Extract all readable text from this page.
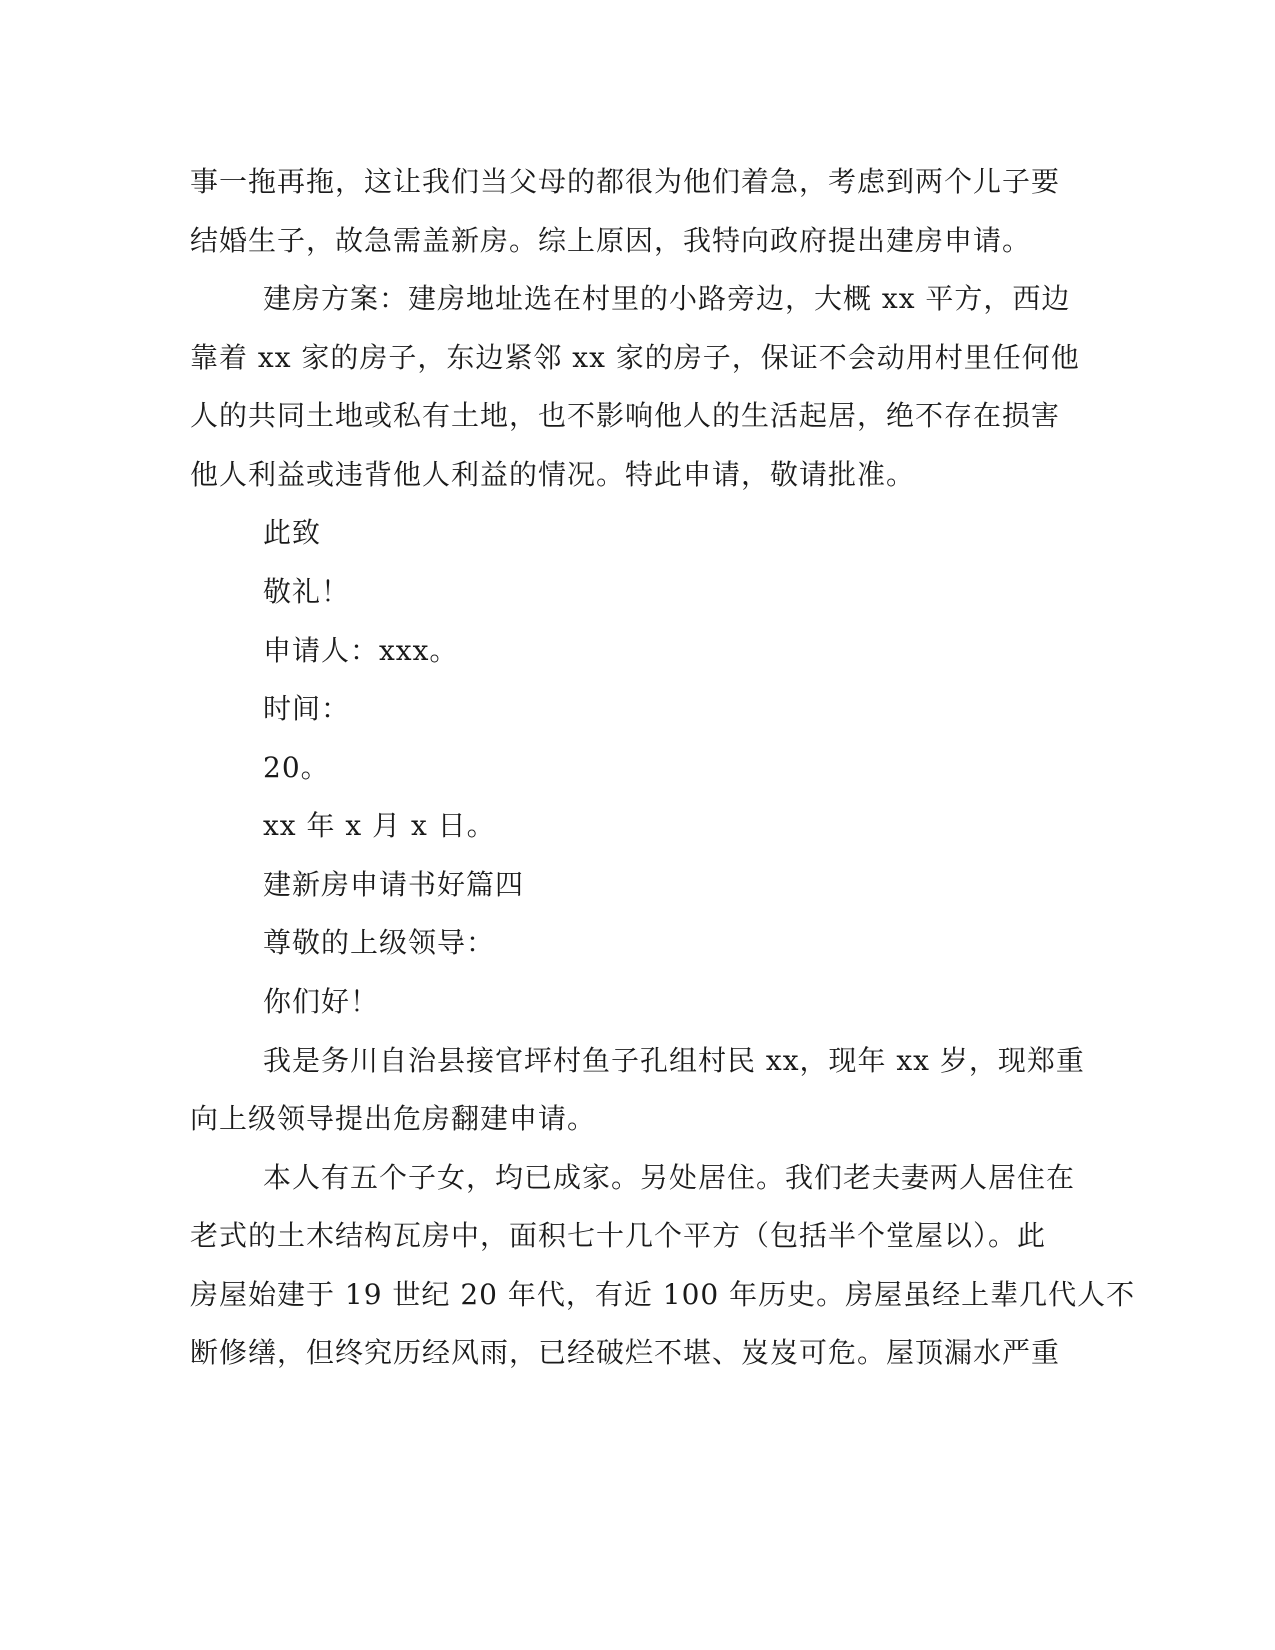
事一拖再拖，这让我们当父母的都很为他们着急，考虑到两个儿子要
结婚生子，故急需盖新房。综上原因，我特向政府提出建房申请。
建房方案：建房地址选在村里的小路旁边，大概 xx 平方，西边
靠着 xx 家的房子，东边紧邻 xx 家的房子，保证不会动用村里任何他
人的共同土地或私有土地，也不影响他人的生活起居，绝不存在损害
他人利益或违背他人利益的情况。特此申请，敬请批准。
此致
敬礼！
申请人：xxx。
时间：
20。
xx 年 x 月 x 日。
建新房申请书好篇四
尊敬的上级领导：
你们好！
我是务川自治县接官坪村鱼子孔组村民 xx，现年 xx 岁，现郑重
向上级领导提出危房翻建申请。
本人有五个子女，均已成家。另处居住。我们老夫妻两人居住在
老式的土木结构瓦房中，面积七十几个平方（包括半个堂屋以）。此
房屋始建于 19 世纪 20 年代，有近 100 年历史。房屋虽经上辈几代人不
断修缮，但终究历经风雨，已经破烂不堪、岌岌可危。屋顶漏水严重
